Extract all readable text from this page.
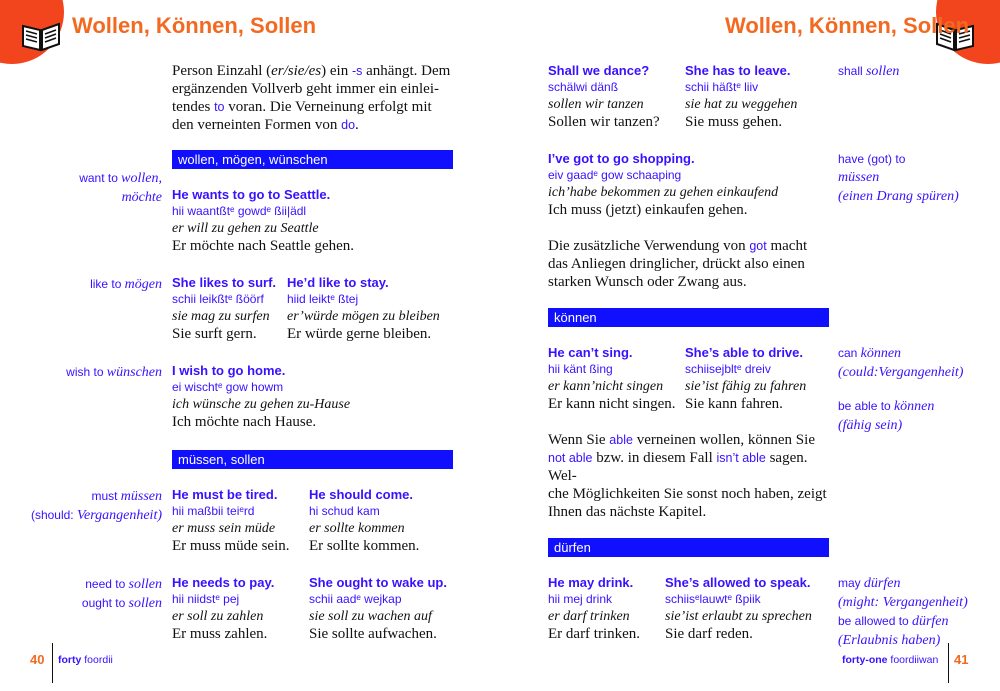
Wollen, Können, Sollen	Wollen, Können, Sollen
Person Einzahl (er/sie/es) ein -s anhängt. Dem
ergänzenden Vollverb geht immer ein einlei-
tendes to voran. Die Verneinung erfolgt mit
den verneinten Formen von do.
wollen, mögen, wünschen
want to wollen,
möchte He wants to go to Seattle.
hii waantßtᵉ gowdᵉ ßii|ädl
er will zu gehen zu Seattle
Er möchte nach Seattle gehen.
like to mögen She likes to surf.
schii leikßtᵉ ßöörf
sie mag zu surfen
Sie surft gern.
He’d like to stay.
hiid leiktᵉ ßtej
er’würde mögen zu bleiben
Er würde gerne bleiben.
wish to wünschen I wish to go home.
ei wischtᵉ gow howm
ich wünsche zu gehen zu-Hause
Ich möchte nach Hause.
müssen, sollen
must müssen
(should: Vergangenheit)
He must be tired.
hii maßbii teiᵉrd
er muss sein müde
Er muss müde sein.
He should come.
hi schud kam
er sollte kommen
Er sollte kommen.
need to sollen
ought to sollen
He needs to pay.
hii niidstᵉ pej
er soll zu zahlen
Er muss zahlen.
She ought to wake up.
schii aadᵉ wejkap
sie soll zu wachen auf
Sie sollte aufwachen.
Shall we dance?
schälwi dänß
sollen wir tanzen
Sollen wir tanzen?
She has to leave.
schii häßtᵉ liiv
sie hat zu weggehen
Sie muss gehen.
shall sollen
I’ve got to go shopping.
eiv gaadᵉ gow schaaping
ich’habe bekommen zu gehen einkaufend
Ich muss (jetzt) einkaufen gehen.
have (got) to
müssen
(einen Drang spüren)
Die zusätzliche Verwendung von got macht
das Anliegen dringlicher, drückt also einen
starken Wunsch oder Zwang aus.
können
He can’t sing.
hii känt ßing
er kann’nicht singen
Er kann nicht singen.
She’s able to drive.
schiisejbltᵉ dreiv
sie’ist fähig zu fahren
Sie kann fahren.
can können
(could:Vergangenheit)
be able to können
(fähig sein)
Wenn Sie able verneinen wollen, können Sie
not able bzw. in diesem Fall isn’t able sagen. Wel-
che Möglichkeiten Sie sonst noch haben, zeigt
Ihnen das nächste Kapitel.
dürfen
He may drink.
hii mej drink
er darf trinken
Er darf trinken.
She’s allowed to speak.
schiisᵉlauwtᵉ ßpiik
sie’ist erlaubt zu sprechen
Sie darf reden.
may dürfen
(might: Vergangenheit)
be allowed to dürfen
(Erlaubnis haben)
40 forty foordii	forty-one foordiiwan 41
